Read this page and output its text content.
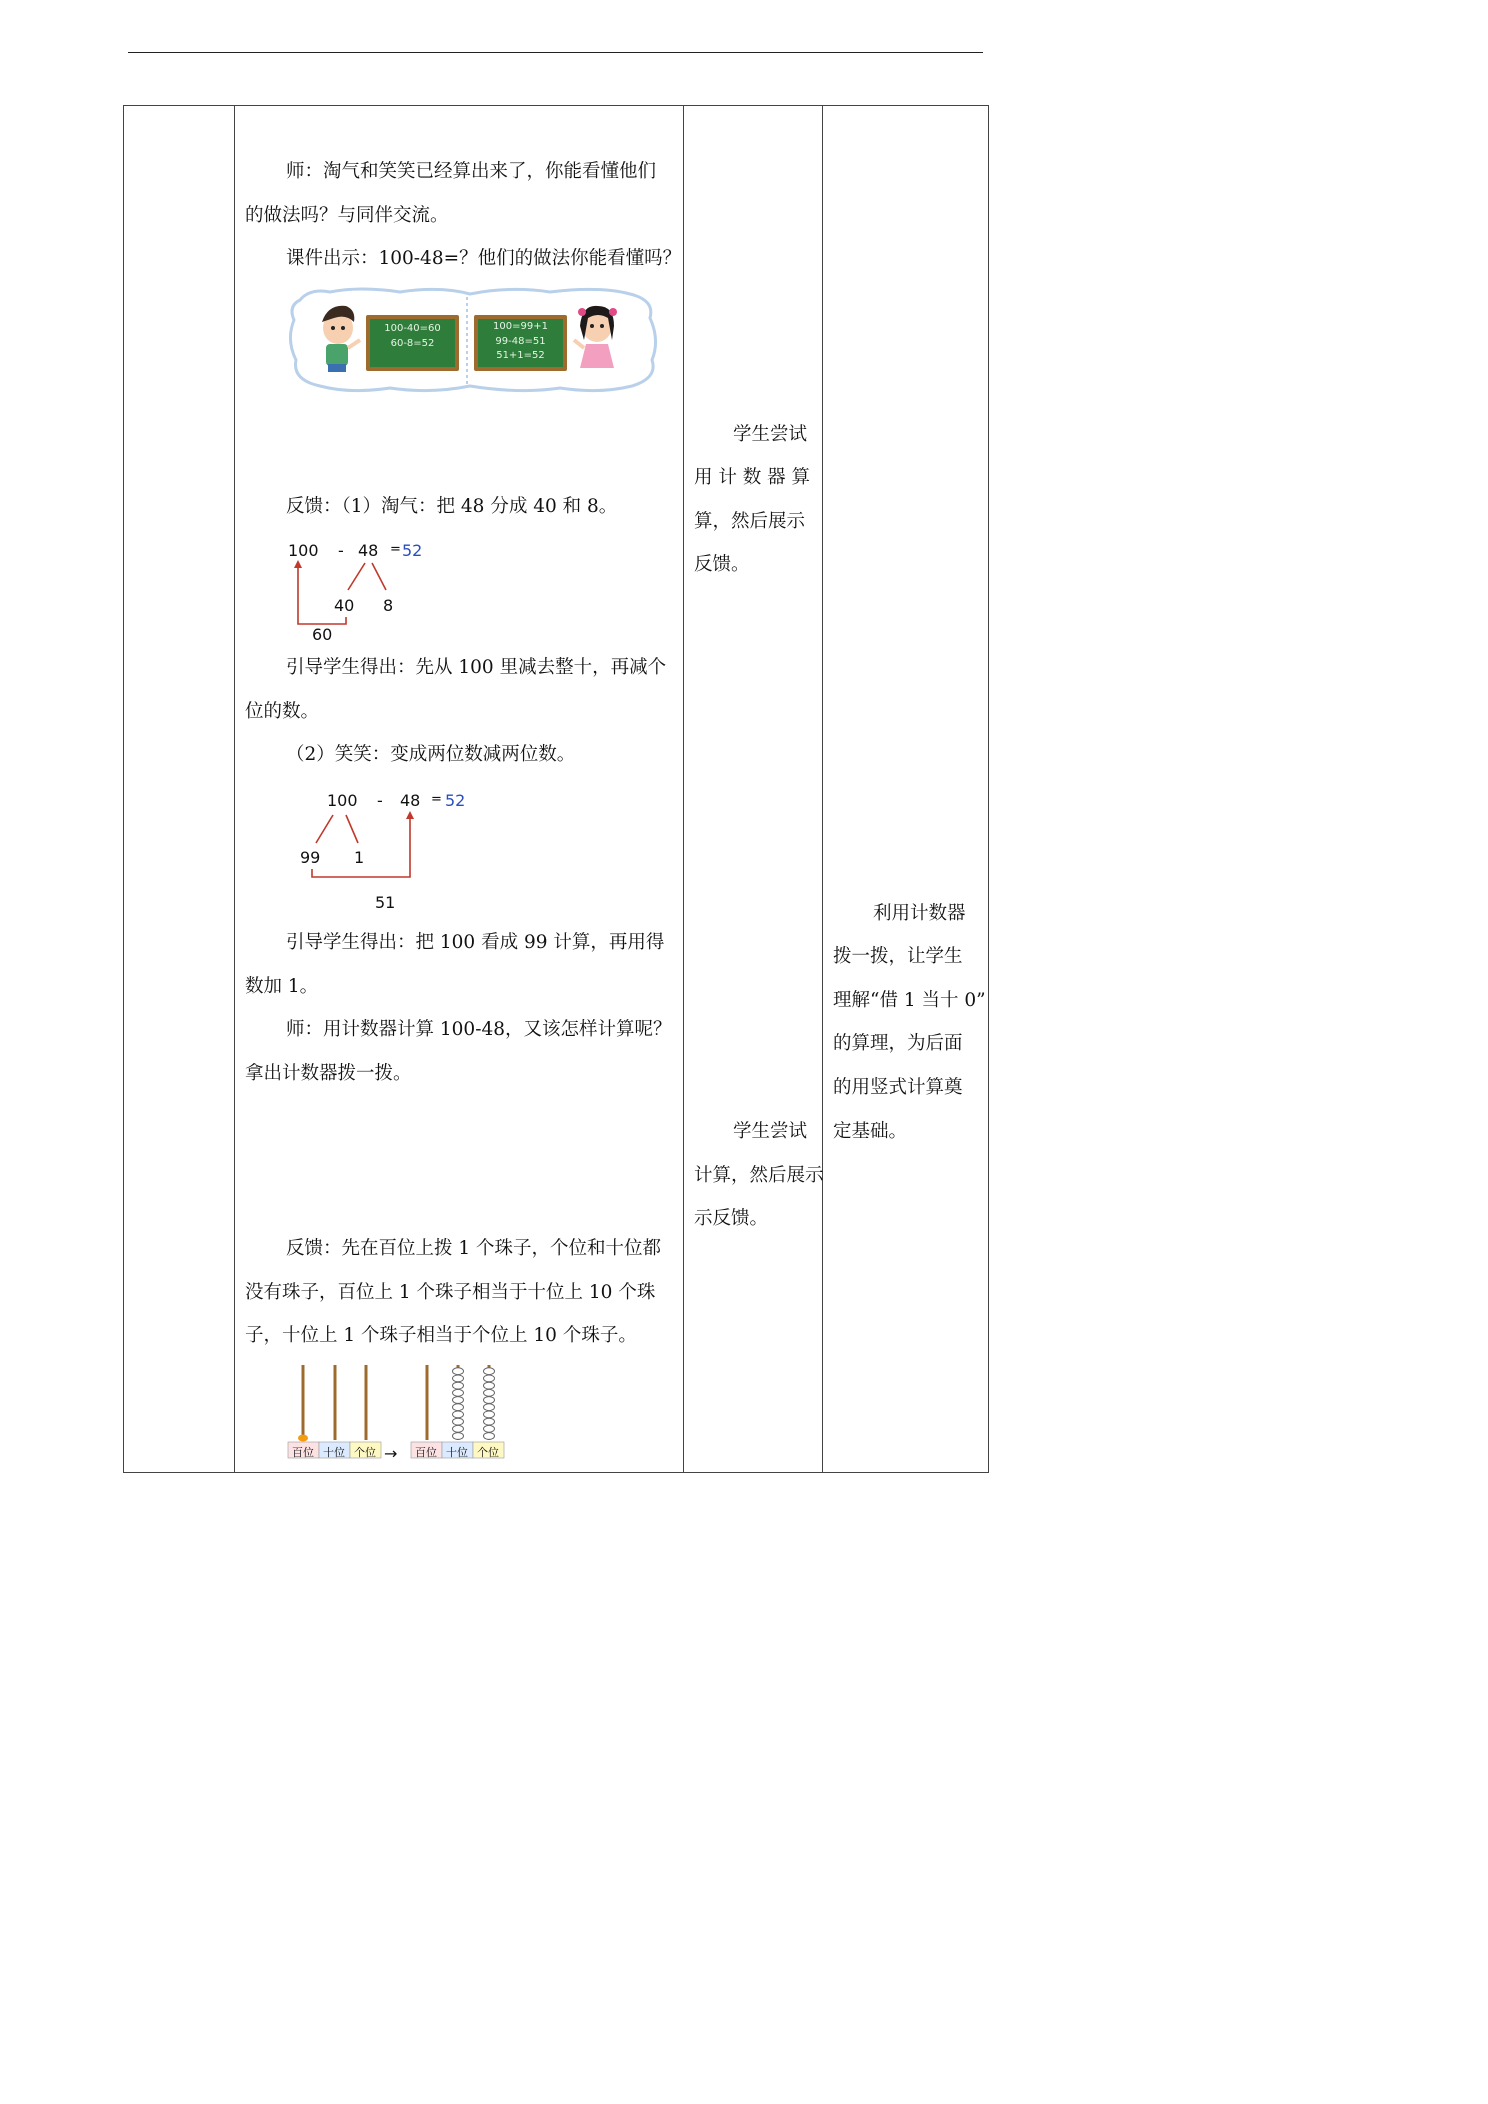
师：淘气和笑笑已经算出来了，你能看懂他们
的做法吗？与同伴交流。
课件出示：100-48=？他们的做法你能看懂吗？
100-40=60
60-8=52
100=99+1
99-48=51
51+1=52
反馈：（1）淘气：把 48 分成 40 和 8。
100 - 48 = 52
40 8
60
引导学生得出：先从 100 里减去整十，再减个
位的数。
（2）笑笑：变成两位数减两位数。
100 - 48 = 52
99 1
51
引导学生得出：把 100 看成 99 计算，再用得
数加 1。
师：用计数器计算 100-48，又该怎样计算呢？
拿出计数器拨一拨。
反馈：先在百位上拨 1 个珠子，个位和十位都
没有珠子，百位上 1 个珠子相当于十位上 10 个珠
子，十位上 1 个珠子相当于个位上 10 个珠子。
百位 十位 个位 → 百位 十位 个位
学生尝试
用 计 数 器 算
算，然后展示
反馈。
学生尝试
计算，然后展示
示反馈。
利用计数器
拨一拨，让学生
理解“借 1 当十 0”
的算理，为后面
的用竖式计算奠
定基础。
